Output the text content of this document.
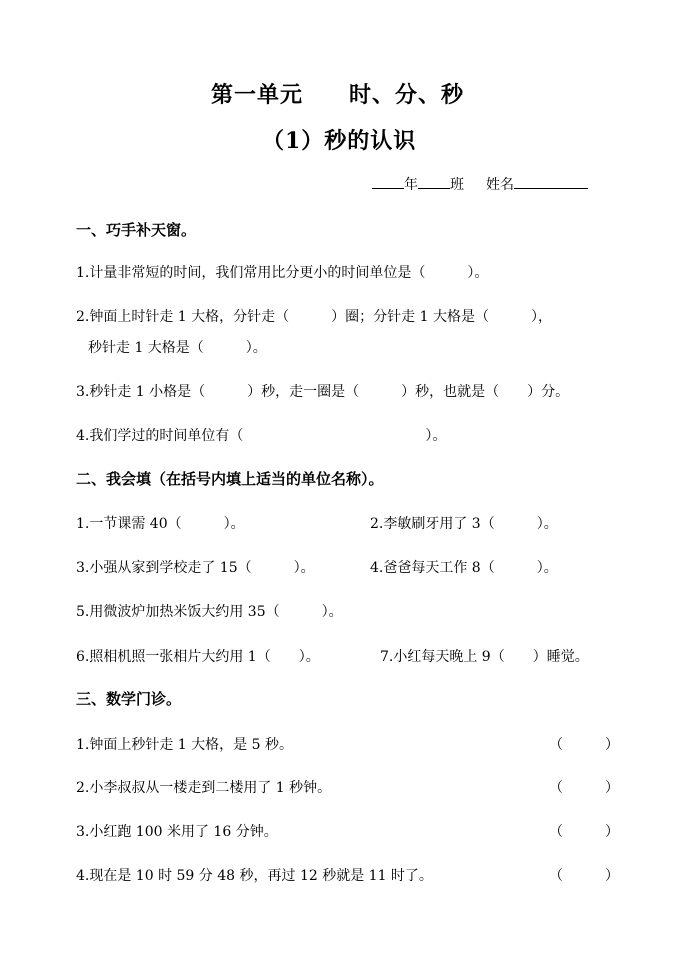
第一单元　　时、分、秒
（1）秒的认识
年 班 姓名
一、巧手补天窗。
1.计量非常短的时间，我们常用比分更小的时间单位是（　　　）。
2.钟面上时针走 1 大格，分针走（　　　）圈；分针走 1 大格是（　　　），
秒针走 1 大格是（　　　）。
3.秒针走 1 小格是（　　　）秒，走一圈是（　　　）秒，也就是（　　）分。
4.我们学过的时间单位有（　　　　　　　　　　　　　）。
二、我会填（在括号内填上适当的单位名称）。
1.一节课需 40（　　　）。	2.李敏刷牙用了 3（　　　）。
3.小强从家到学校走了 15（　　　）。	4.爸爸每天工作 8（　　　）。
5.用微波炉加热米饭大约用 35（　　　）。
6.照相机照一张相片大约用 1（　　）。	7.小红每天晚上 9（　　）睡觉。
三、数学门诊。
1.钟面上秒针走 1 大格，是 5 秒。	（　　　）
2.小李叔叔从一楼走到二楼用了 1 秒钟。	（　　　）
3.小红跑 100 米用了 16 分钟。	（　　　）
4.现在是 10 时 59 分 48 秒，再过 12 秒就是 11 时了。	（　　　）
